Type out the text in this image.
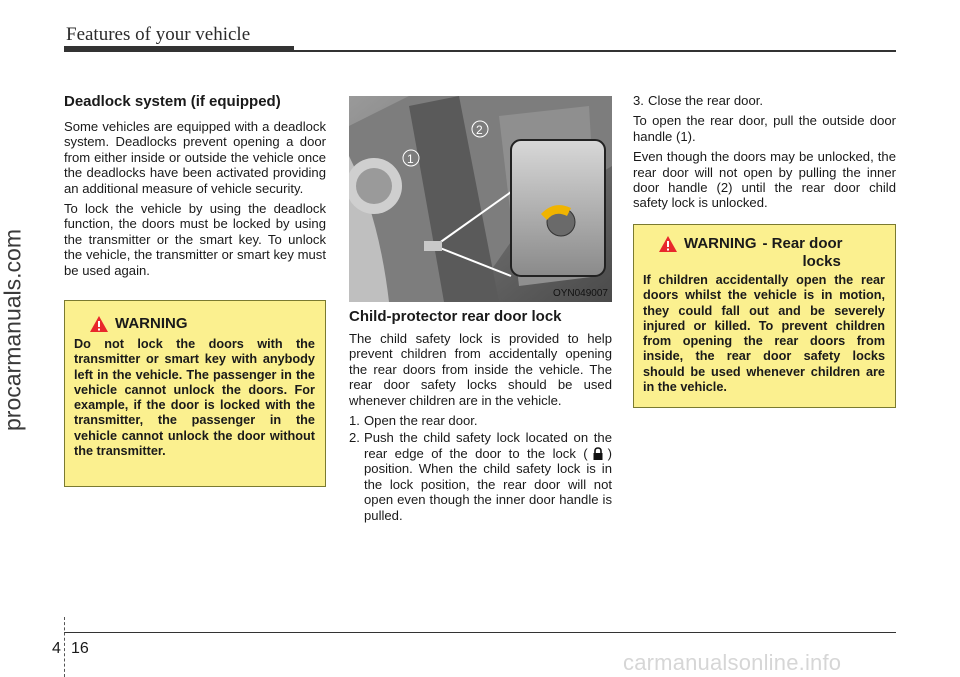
Features of your vehicle
procarmanuals.com
Deadlock system (if equipped)

Some vehicles are equipped with a deadlock system. Deadlocks prevent opening a door from either inside or outside the vehicle once the deadlocks have been activated providing an additional measure of vehicle security.

To lock the vehicle by using the deadlock function, the doors must be locked by using the transmitter or the smart key. To unlock the vehicle, the transmitter or smart key must be used again.

WARNING
Do not lock the doors with the transmitter or smart key with anybody left in the vehicle. The passenger in the vehicle cannot unlock the doors. For example, if the door is locked with the transmitter, the passenger in the vehicle cannot unlock the door without the transmitter.
1
2
OYN049007
Child-protector rear door lock

The child safety lock is provided to help prevent children from accidentally opening the rear doors from inside the vehicle. The rear door safety locks should be used whenever children are in the vehicle.

1. Open the rear door.
2. Push the child safety lock located on the rear edge of the door to the lock ( ) position. When the child safety lock is in the lock position, the rear door will not open even though the inner door handle is pulled.
3. Close the rear door.

To open the rear door, pull the outside door handle (1).

Even though the doors may be unlocked, the rear door will not open by pulling the inner door handle (2) until the rear door child safety lock is unlocked.

WARNING - Rear door
locks
If children accidentally open the rear doors whilst the vehicle is in motion, they could fall out and be severely injured or killed. To prevent children from opening the rear doors from inside, the rear door safety locks should be used whenever children are in the vehicle.
4 16
carmanualsonline.info
